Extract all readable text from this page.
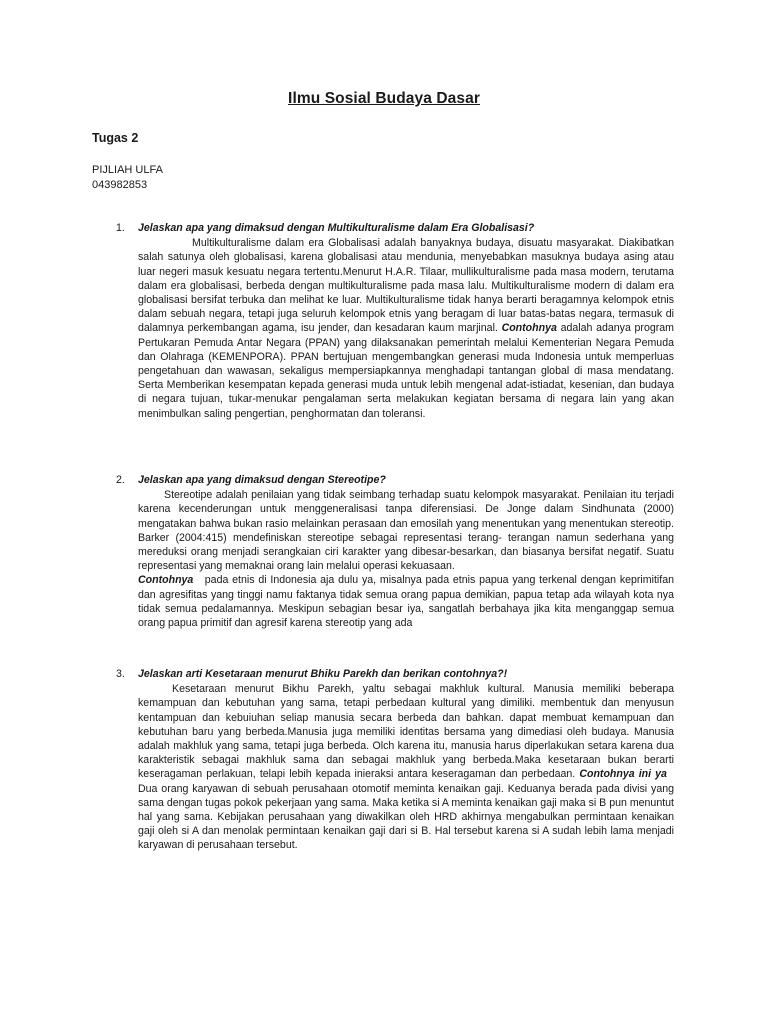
Ilmu Sosial Budaya Dasar
Tugas 2
PIJLIAH ULFA
043982853
1. Jelaskan apa yang dimaksud dengan Multikulturalisme dalam Era Globalisasi?
Multikulturalisme dalam era Globalisasi adalah banyaknya budaya, disuatu masyarakat. Diakibatkan salah satunya oleh globalisasi, karena globalisasi atau mendunia, menyebabkan masuknya budaya asing atau luar negeri masuk kesuatu negara tertentu.Menurut H.A.R. Tilaar, mullikulturalisme pada masa modern, terutama dalam era globalisasi, berbeda dengan multikulturalisme pada masa lalu. Multikulturalisme modern di dalam era globalisasi bersifat terbuka dan melihat ke luar. Multikulturalisme tidak hanya berarti beragamnya kelompok etnis dalam sebuah negara, tetapi juga seluruh kelompok etnis yang beragam di luar batas-batas negara, termasuk di dalamnya perkembangan agama, isu jender, dan kesadaran kaum marjinal. Contohnya adalah adanya program Pertukaran Pemuda Antar Negara (PPAN) yang dilaksanakan pemerintah melalui Kementerian Negara Pemuda dan Olahraga (KEMENPORA). PPAN bertujuan mengembangkan generasi muda Indonesia untuk memperluas pengetahuan dan wawasan, sekaligus mempersiapkannya menghadapi tantangan global di masa mendatang. Serta Memberikan kesempatan kepada generasi muda untuk lebih mengenal adat-istiadat, kesenian, dan budaya di negara tujuan, tukar-menukar pengalaman serta melakukan kegiatan bersama di negara lain yang akan menimbulkan saling pengertian, penghormatan dan toleransi.
2. Jelaskan apa yang dimaksud dengan Stereotipe?
Stereotipe adalah penilaian yang tidak seimbang terhadap suatu kelompok masyarakat. Penilaian itu terjadi karena kecenderungan untuk menggeneralisasi tanpa diferensiasi. De Jonge dalam Sindhunata (2000) mengatakan bahwa bukan rasio melainkan perasaan dan emosilah yang menentukan yang menentukan stereotip. Barker (2004:415) mendefiniskan stereotipe sebagai representasi terang- terangan namun sederhana yang mereduksi orang menjadi serangkaian ciri karakter yang dibesar-besarkan, dan biasanya bersifat negatif. Suatu representasi yang memaknai orang lain melalui operasi kekuasaan.
Contohnya pada etnis di Indonesia aja dulu ya, misalnya pada etnis papua yang terkenal dengan keprimitifan dan agresifitas yang tinggi namu faktanya tidak semua orang papua demikian, papua tetap ada wilayah kota nya tidak semua pedalamannya. Meskipun sebagian besar iya, sangatlah berbahaya jika kita menganggap semua orang papua primitif dan agresif karena stereotip yang ada
3. Jelaskan arti Kesetaraan menurut Bhiku Parekh dan berikan contohnya?!
Kesetaraan menurut Bikhu Parekh, yaltu sebagai makhluk kultural. Manusia memiliki beberapa kemampuan dan kebutuhan yang sama, tetapi perbedaan kultural yang dimiliki. membentuk dan menyusun kentampuan dan kebuiuhan seliap manusia secara berbeda dan bahkan. dapat membuat kemampuan dan kebutuhan baru yang berbeda.Manusia juga memiliki identitas bersama yang dimediasi oleh budaya. Manusia adalah makhluk yang sama, tetapi juga berbeda. Olch karena itu, manusia harus diperlakukan setara karena dua karakteristik sebagai makhluk sama dan sebagai makhluk yang berbeda.Maka kesetaraan bukan berarti keseragaman perlakuan, telapi lebih kepada inieraksi antara keseragaman dan perbedaan. Contohnya ini ya   Dua orang karyawan di sebuah perusahaan otomotif meminta kenaikan gaji. Keduanya berada pada divisi yang sama dengan tugas pokok pekerjaan yang sama. Maka ketika si A meminta kenaikan gaji maka si B pun menuntut hal yang sama. Kebijakan perusahaan yang diwakilkan oleh HRD akhirnya mengabulkan permintaan kenaikan gaji oleh si A dan menolak permintaan kenaikan gaji dari si B. Hal tersebut karena si A sudah lebih lama menjadi karyawan di perusahaan tersebut.
